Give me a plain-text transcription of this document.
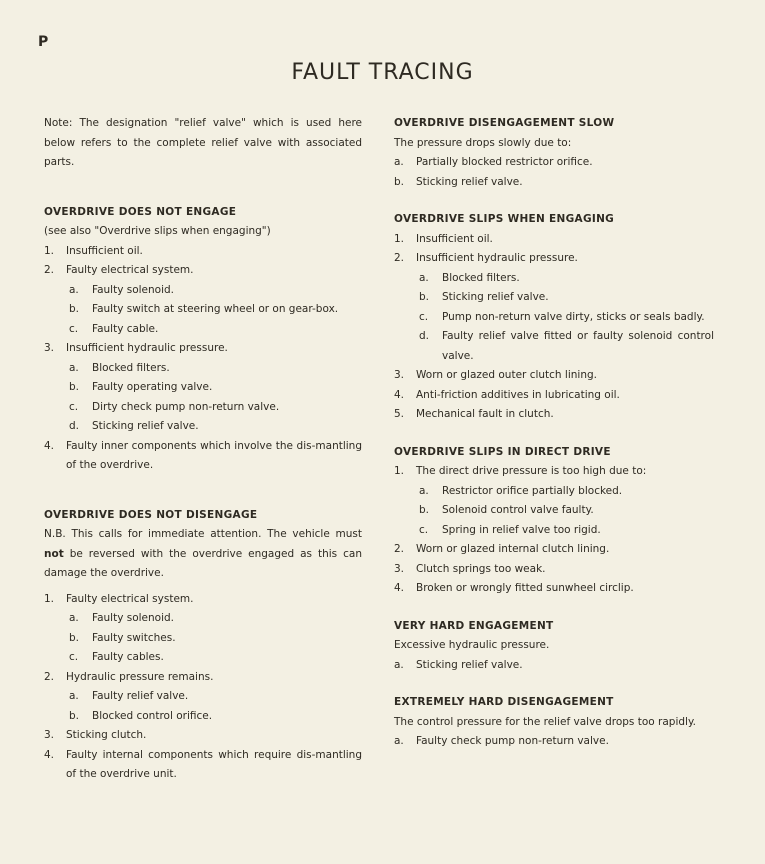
P
FAULT TRACING

Note: The designation "relief valve" which is used here below refers to the complete relief valve with associated parts.

OVERDRIVE DOES NOT ENGAGE

(see also "Overdrive slips when engaging")

1. Insufficient oil.
2. Faulty electrical system.
a. Faulty solenoid.
b. Faulty switch at steering wheel or on gear-box.
c. Faulty cable.
3. Insufficient hydraulic pressure.
a. Blocked filters.
b. Faulty operating valve.
c. Dirty check pump non-return valve.
d. Sticking relief valve.
4. Faulty inner components which involve the dis-mantling of the overdrive.
OVERDRIVE DOES NOT DISENGAGE

N.B. This calls for immediate attention. The vehicle must not be reversed with the overdrive engaged as this can damage the overdrive.

1. Faulty electrical system.
a. Faulty solenoid.
b. Faulty switches.
c. Faulty cables.
2. Hydraulic pressure remains.
a. Faulty relief valve.
b. Blocked control orifice.
3. Sticking clutch.
4. Faulty internal components which require dis-mantling of the overdrive unit.
OVERDRIVE DISENGAGEMENT SLOW

The pressure drops slowly due to:

a. Partially blocked restrictor orifice.
b. Sticking relief valve.
OVERDRIVE SLIPS WHEN ENGAGING
1. Insufficient oil.
2. Insufficient hydraulic pressure.
a. Blocked filters.
b. Sticking relief valve.
c. Pump non-return valve dirty, sticks or seals badly.
d. Faulty relief valve fitted or faulty solenoid control valve.
3. Worn or glazed outer clutch lining.
4. Anti-friction additives in lubricating oil.
5. Mechanical fault in clutch.
OVERDRIVE SLIPS IN DIRECT DRIVE
1. The direct drive pressure is too high due to:
a. Restrictor orifice partially blocked.
b. Solenoid control valve faulty.
c. Spring in relief valve too rigid.
2. Worn or glazed internal clutch lining.
3. Clutch springs too weak.
4. Broken or wrongly fitted sunwheel circlip.
VERY HARD ENGAGEMENT

Excessive hydraulic pressure.

a. Sticking relief valve.
EXTREMELY HARD DISENGAGEMENT

The control pressure for the relief valve drops too rapidly.

a. Faulty check pump non-return valve.
